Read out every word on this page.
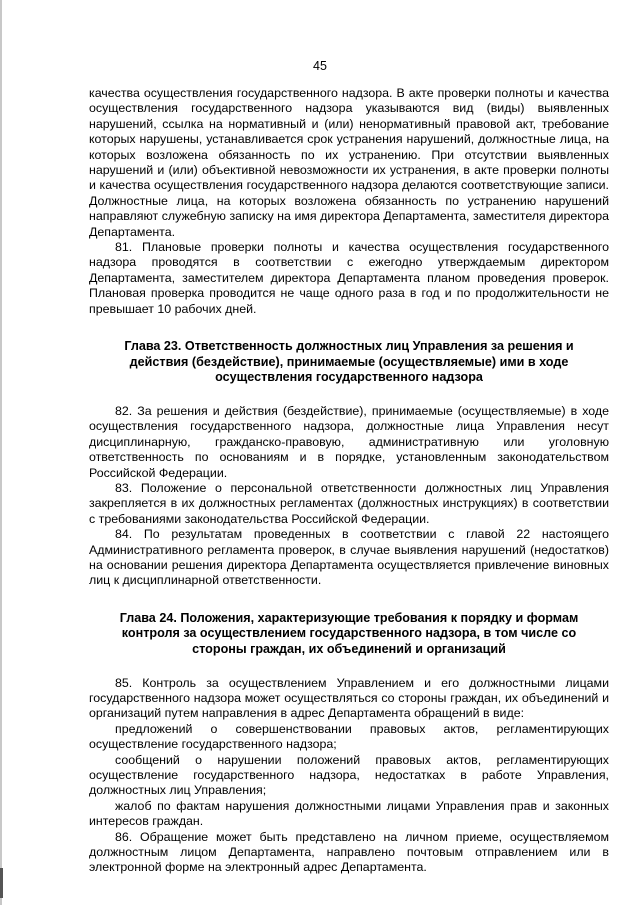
45

качества осуществления государственного надзора. В акте проверки полноты и качества осуществления государственного надзора указываются вид (виды) выявленных нарушений, ссылка на нормативный и (или) ненормативный правовой акт, требование которых нарушены, устанавливается срок устранения нарушений, должностные лица, на которых возложена обязанность по их устранению. При отсутствии выявленных нарушений и (или) объективной невозможности их устранения, в акте проверки полноты и качества осуществления государственного надзора делаются соответствующие записи. Должностные лица, на которых возложена обязанность по устранению нарушений направляют служебную записку на имя директора Департамента, заместителя директора Департамента.

81. Плановые проверки полноты и качества осуществления государственного надзора проводятся в соответствии с ежегодно утверждаемым директором Департамента, заместителем директора Департамента планом проведения проверок. Плановая проверка проводится не чаще одного раза в год и по продолжительности не превышает 10 рабочих дней.

Глава 23. Ответственность должностных лиц Управления за решения и действия (бездействие), принимаемые (осуществляемые) ими в ходе осуществления государственного надзора

82. За решения и действия (бездействие), принимаемые (осуществляемые) в ходе осуществления государственного надзора, должностные лица Управления несут дисциплинарную, гражданско-правовую, административную или уголовную ответственность по основаниям и в порядке, установленным законодательством Российской Федерации.

83. Положение о персональной ответственности должностных лиц Управления закрепляется в их должностных регламентах (должностных инструкциях) в соответствии с требованиями законодательства Российской Федерации.

84. По результатам проведенных в соответствии с главой 22 настоящего Административного регламента проверок, в случае выявления нарушений (недостатков) на основании решения директора Департамента осуществляется привлечение виновных лиц к дисциплинарной ответственности.

Глава 24. Положения, характеризующие требования к порядку и формам контроля за осуществлением государственного надзора, в том числе со стороны граждан, их объединений и организаций

85. Контроль за осуществлением Управлением и его должностными лицами государственного надзора может осуществляться со стороны граждан, их объединений и организаций путем направления в адрес Департамента обращений в виде:

предложений о совершенствовании правовых актов, регламентирующих осуществление государственного надзора;

сообщений о нарушении положений правовых актов, регламентирующих осуществление государственного надзора, недостатках в работе Управления, должностных лиц Управления;

жалоб по фактам нарушения должностными лицами Управления прав и законных интересов граждан.

86. Обращение может быть представлено на личном приеме, осуществляемом должностным лицом Департамента, направлено почтовым отправлением или в электронной форме на электронный адрес Департамента.
